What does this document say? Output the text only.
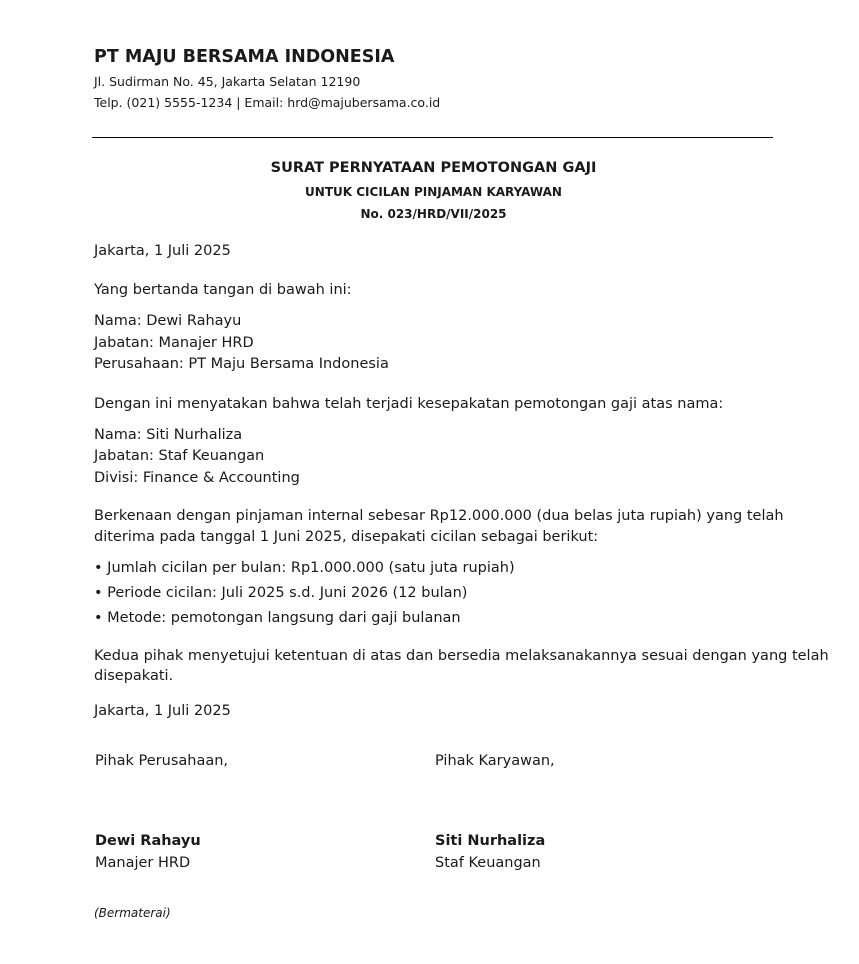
PT MAJU BERSAMA INDONESIA
Jl. Sudirman No. 45, Jakarta Selatan 12190
Telp. (021) 5555-1234 | Email: hrd@majubersama.co.id
SURAT PERNYATAAN PEMOTONGAN GAJI
UNTUK CICILAN PINJAMAN KARYAWAN
No. 023/HRD/VII/2025
Jakarta, 1 Juli 2025
Yang bertanda tangan di bawah ini:
Nama: Dewi Rahayu
Jabatan: Manajer HRD
Perusahaan: PT Maju Bersama Indonesia
Dengan ini menyatakan bahwa telah terjadi kesepakatan pemotongan gaji atas nama:
Nama: Siti Nurhaliza
Jabatan: Staf Keuangan
Divisi: Finance & Accounting
Berkenaan dengan pinjaman internal sebesar Rp12.000.000 (dua belas juta rupiah) yang telah
diterima pada tanggal 1 Juni 2025, disepakati cicilan sebagai berikut:
• Jumlah cicilan per bulan: Rp1.000.000 (satu juta rupiah)
• Periode cicilan: Juli 2025 s.d. Juni 2026 (12 bulan)
• Metode: pemotongan langsung dari gaji bulanan
Kedua pihak menyetujui ketentuan di atas dan bersedia melaksanakannya sesuai dengan yang telah
disepakati.
Jakarta, 1 Juli 2025
Pihak Perusahaan,	Pihak Karyawan,
Dewi Rahayu	Siti Nurhaliza
Manajer HRD	Staf Keuangan
(Bermaterai)
